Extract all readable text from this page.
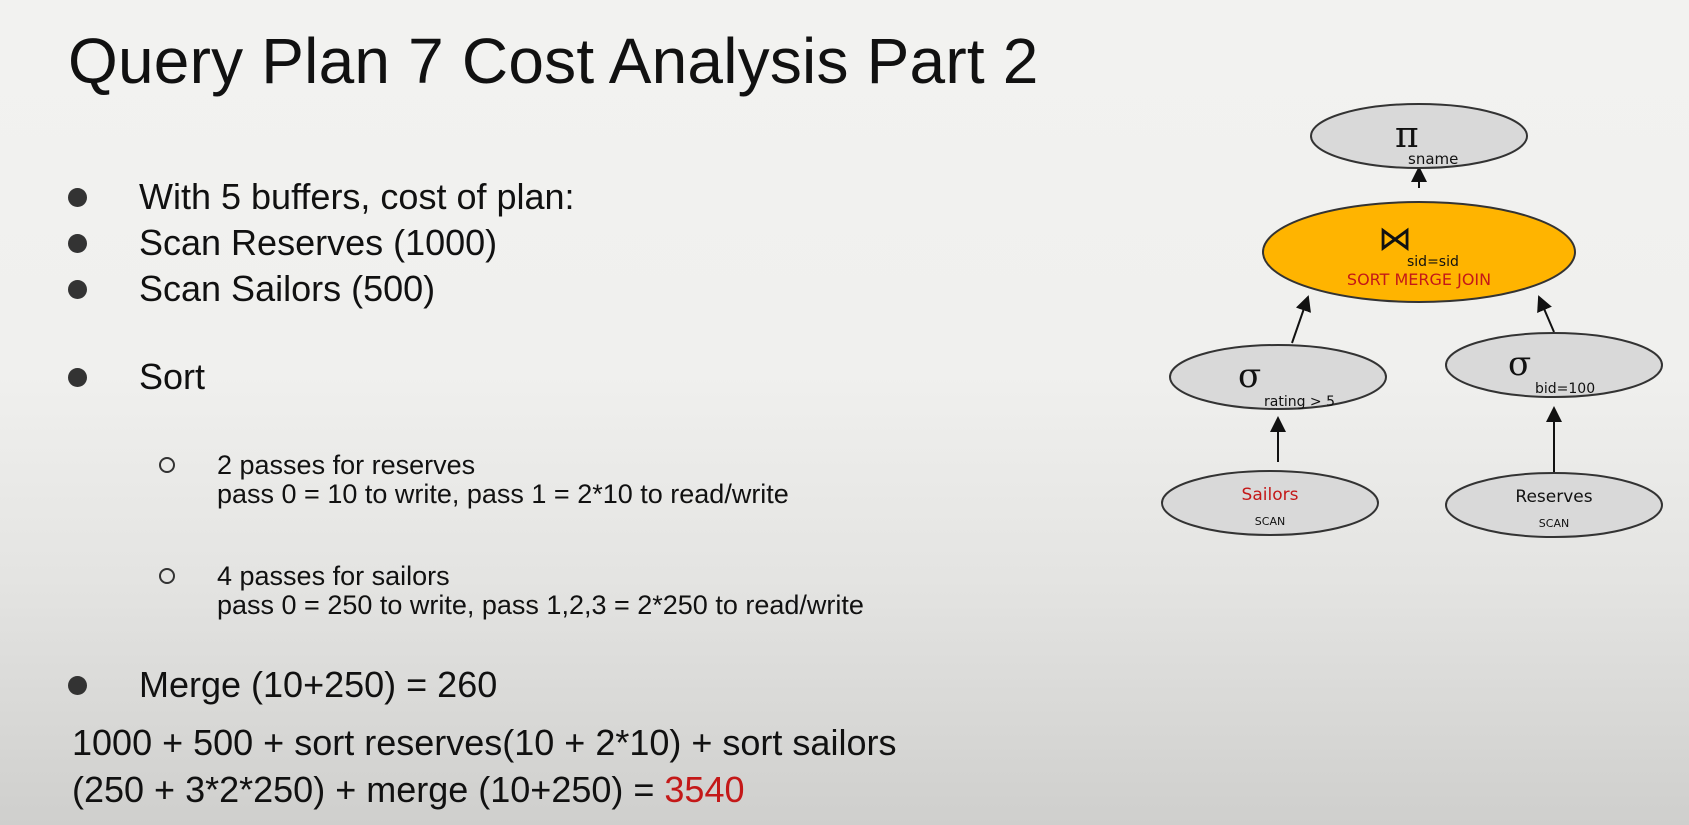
Query Plan 7 Cost Analysis Part 2
With 5 buffers, cost of plan:
Scan Reserves (1000)
Scan Sailors (500)
Sort
2 passes for reserves
pass 0 = 10 to write, pass 1 = 2*10 to read/write
4 passes for sailors
pass 0 = 250 to write, pass 1,2,3 = 2*250 to read/write
Merge (10+250) = 260
1000 + 500 + sort reserves(10 + 2*10) + sort sailors
(250 + 3*2*250) + merge (10+250) = 3540
π
sname
⋈
sid=sid
SORT MERGE JOIN
σ
rating > 5
σ
bid=100
Sailors
SCAN
Reserves
SCAN
